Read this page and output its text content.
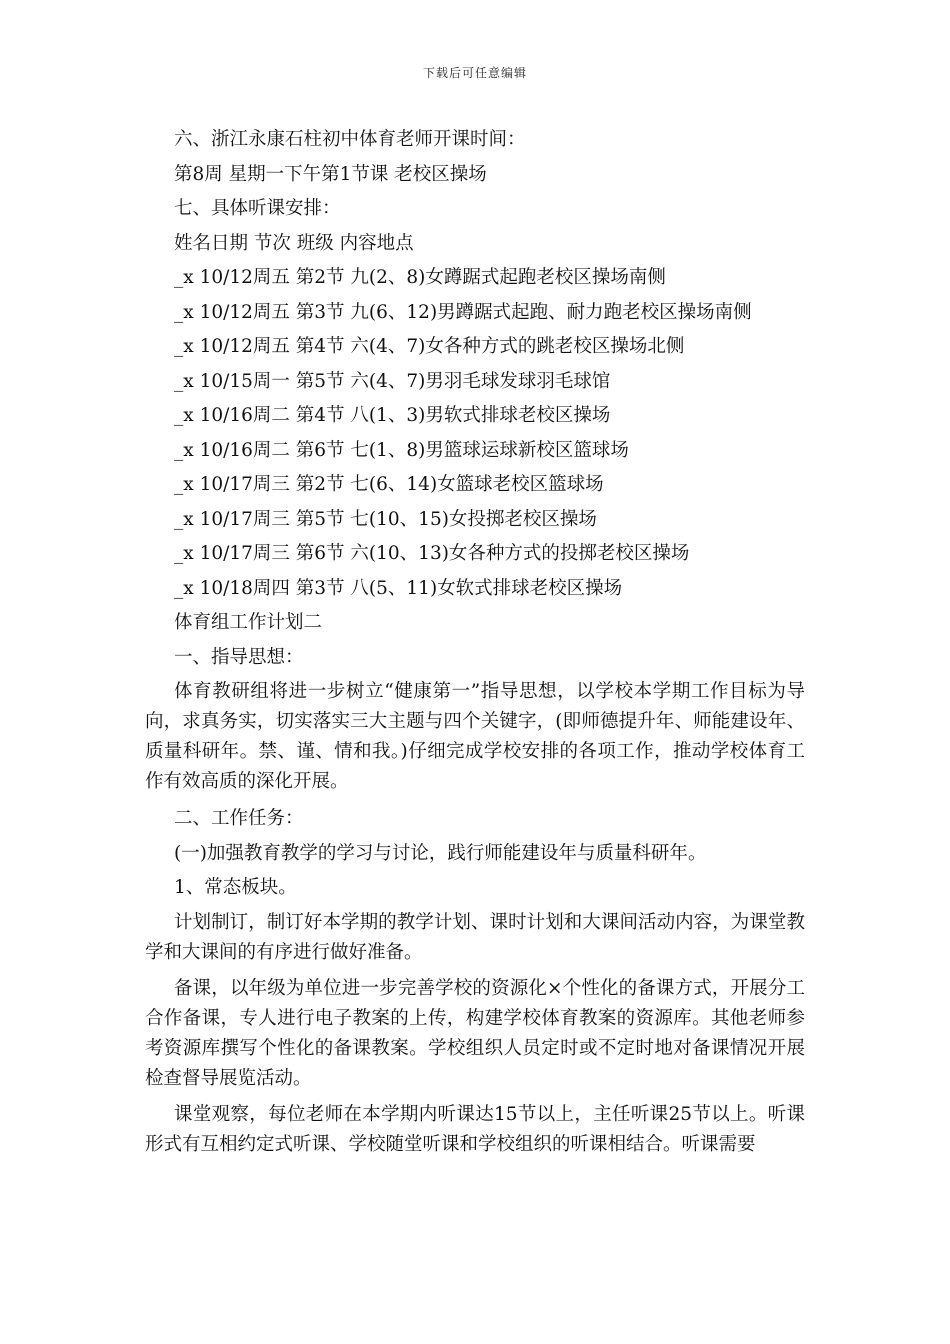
下载后可任意编辑
六、浙江永康石柱初中体育老师开课时间：
第8周 星期一下午第1节课 老校区操场
七、具体听课安排：
姓名日期 节次 班级 内容地点
_x 10/12周五 第2节 九(2、8)女蹲踞式起跑老校区操场南侧
_x 10/12周五 第3节 九(6、12)男蹲踞式起跑、耐力跑老校区操场南侧
_x 10/12周五 第4节 六(4、7)女各种方式的跳老校区操场北侧
_x 10/15周一 第5节 六(4、7)男羽毛球发球羽毛球馆
_x 10/16周二 第4节 八(1、3)男软式排球老校区操场
_x 10/16周二 第6节 七(1、8)男篮球运球新校区篮球场
_x 10/17周三 第2节 七(6、14)女篮球老校区篮球场
_x 10/17周三 第5节 七(10、15)女投掷老校区操场
_x 10/17周三 第6节 六(10、13)女各种方式的投掷老校区操场
_x 10/18周四 第3节 八(5、11)女软式排球老校区操场
体育组工作计划二
一、指导思想：
体育教研组将进一步树立“健康第一”指导思想，以学校本学期工作目标为导向，求真务实，切实落实三大主题与四个关键字，(即师德提升年、师能建设年、质量科研年。禁、谨、情和我。)仔细完成学校安排的各项工作，推动学校体育工作有效高质的深化开展。
二、工作任务：
(一)加强教育教学的学习与讨论，践行师能建设年与质量科研年。
1、常态板块。
计划制订，制订好本学期的教学计划、课时计划和大课间活动内容，为课堂教学和大课间的有序进行做好准备。
备课，以年级为单位进一步完善学校的资源化×个性化的备课方式，开展分工合作备课，专人进行电子教案的上传，构建学校体育教案的资源库。其他老师参考资源库撰写个性化的备课教案。学校组织人员定时或不定时地对备课情况开展检查督导展览活动。
课堂观察，每位老师在本学期内听课达15节以上，主任听课25节以上。听课形式有互相约定式听课、学校随堂听课和学校组织的听课相结合。听课需要
